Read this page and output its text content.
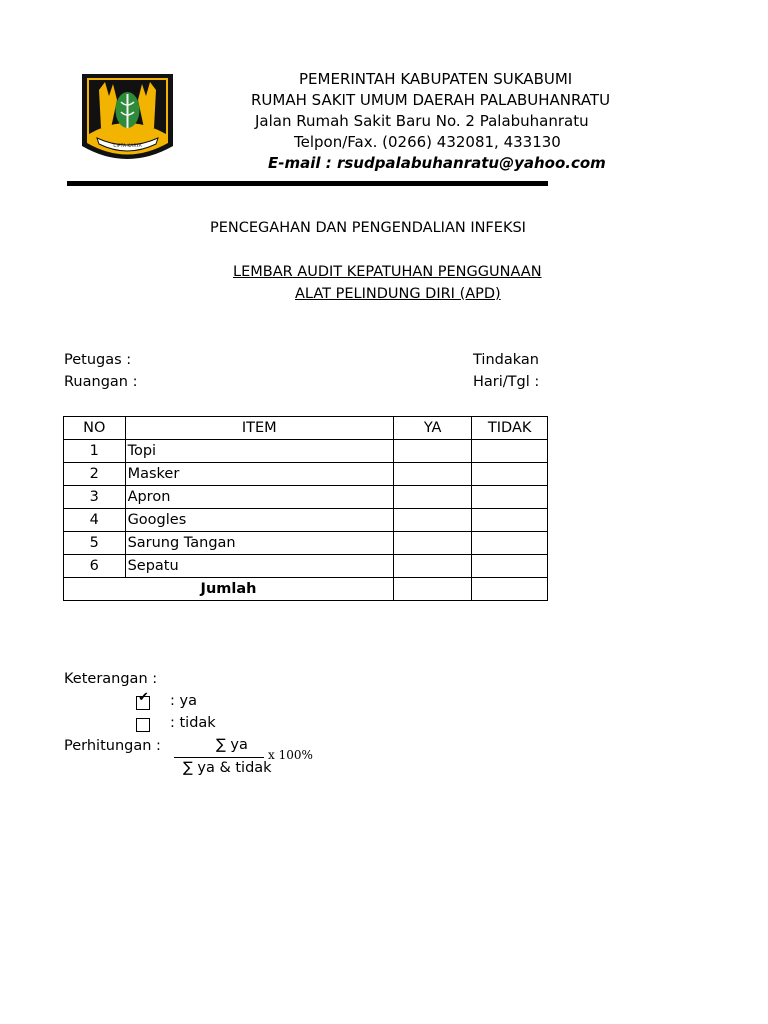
CIPTA KARYA
PEMERINTAH KABUPATEN SUKABUMI
RUMAH SAKIT UMUM DAERAH PALABUHANRATU
Jalan Rumah Sakit Baru No. 2 Palabuhanratu
Telpon/Fax. (0266) 432081, 433130
E-mail : rsudpalabuhanratu@yahoo.com
PENCEGAHAN DAN PENGENDALIAN INFEKSI
LEMBAR AUDIT KEPATUHAN PENGGUNAAN
ALAT PELINDUNG DIRI (APD)
Petugas :
Ruangan :
Tindakan
Hari/Tgl :
NO	ITEM	YA	TIDAK
1	Topi		
2	Masker		
3	Apron		
4	Googles		
5	Sarung Tangan		
6	Sepatu		
Jumlah			
Keterangan :
✔ : ya
: tidak
Perhitungan :	∑ ya
∑ ya & tidak
x 100%
